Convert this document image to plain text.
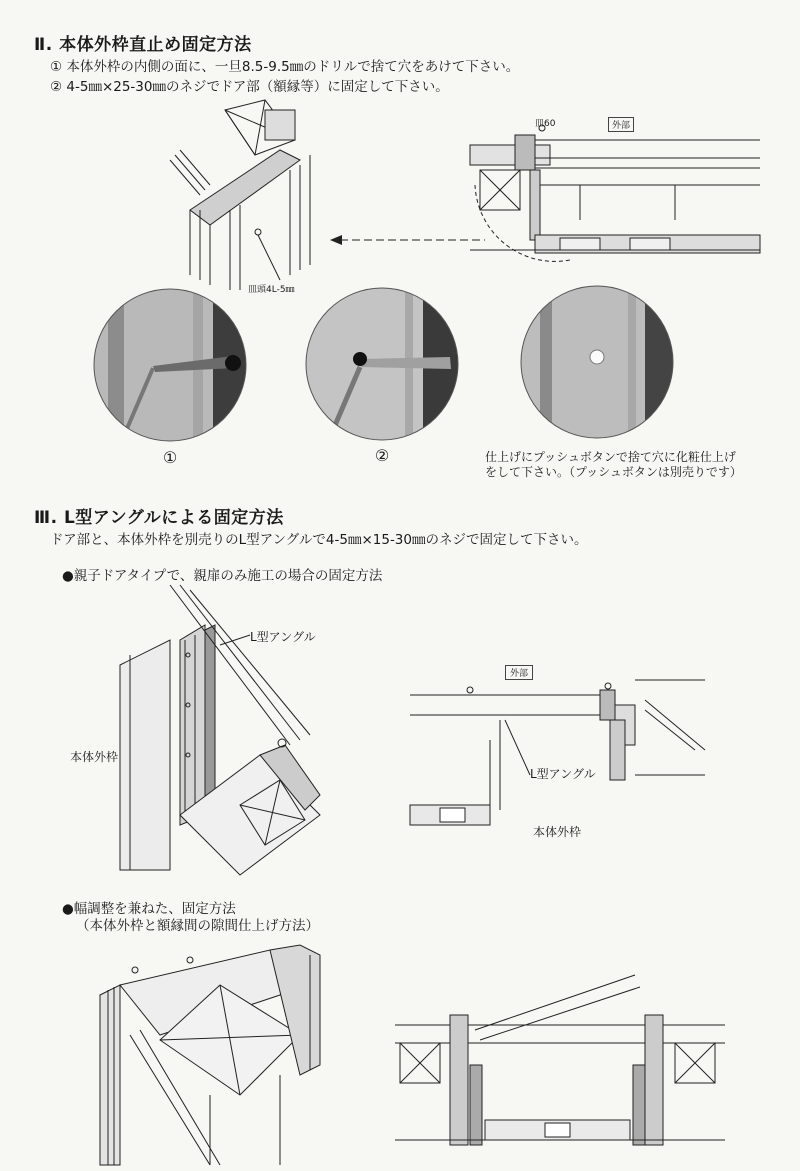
Ⅱ. 本体外枠直止め固定方法
① 本体外枠の内側の面に、一旦8.5-9.5㎜のドリルで捨て穴をあけて下さい。
② 4-5㎜×25-30㎜のネジでドア部（額縁等）に固定して下さい。
皿頭4L-5㎜
皿60	外部
①	②	仕上げにプッシュボタンで捨て穴に化粧仕上げ
をして下さい。（プッシュボタンは別売りです）
Ⅲ. L型アングルによる固定方法
ドア部と、本体外枠を別売りのL型アングルで4-5㎜×15-30㎜のネジで固定して下さい。
●親子ドアタイプで、親扉のみ施工の場合の固定方法
L型アングル
本体外枠
外部
L型アングル
本体外枠
●幅調整を兼ねた、固定方法
（本体外枠と額縁間の隙間仕上げ方法）
